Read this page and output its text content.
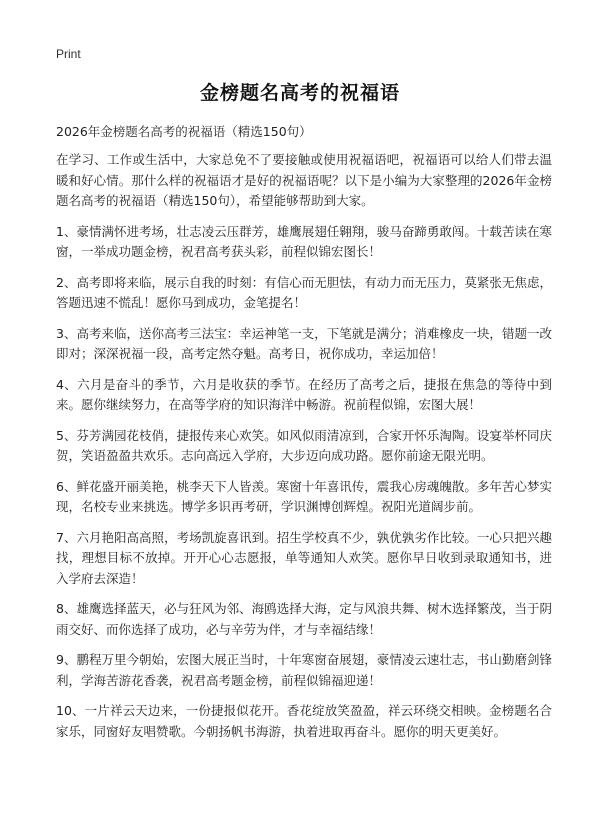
Print
金榜题名高考的祝福语
2026年金榜题名高考的祝福语（精选150句）

在学习、工作或生活中，大家总免不了要接触或使用祝福语吧，祝福语可以给人们带去温暖和好心情。那什么样的祝福语才是好的祝福语呢？以下是小编为大家整理的2026年金榜题名高考的祝福语（精选150句），希望能够帮助到大家。

1、豪情满怀进考场，壮志凌云压群芳，雄鹰展翅任翱翔，骏马奋蹄勇敢闯。十载苦读在寒窗，一举成功题金榜，祝君高考获头彩，前程似锦宏图长！

2、高考即将来临，展示自我的时刻：有信心而无胆怯，有动力而无压力，莫紧张无焦虑，答题迅速不慌乱！愿你马到成功，金笔提名！

3、高考来临，送你高考三法宝：幸运神笔一支，下笔就是满分；消难橡皮一块，错题一改即对；深深祝福一段，高考定然夺魁。高考日，祝你成功，幸运加倍！

4、六月是奋斗的季节，六月是收获的季节。在经历了高考之后，捷报在焦急的等待中到来。愿你继续努力，在高等学府的知识海洋中畅游。祝前程似锦，宏图大展！

5、芬芳满园花枝俏，捷报传来心欢笑。如风似雨清凉到，合家开怀乐淘陶。设宴举杯同庆贺，笑语盈盈共欢乐。志向高远入学府，大步迈向成功路。愿你前途无限光明。

6、鲜花盛开丽美艳，桃李天下人皆羡。寒窗十年喜讯传，震我心房魂魄散。多年苦心梦实现，名校专业来挑选。博学多识再考研，学识渊博创辉煌。祝阳光道阔步前。

7、六月艳阳高高照，考场凯旋喜讯到。招生学校真不少，孰优孰劣作比较。一心只把兴趣找，理想目标不放掉。开开心心志愿报，单等通知人欢笑。愿你早日收到录取通知书，进入学府去深造！

8、雄鹰选择蓝天，必与狂风为邻、海鸥选择大海，定与风浪共舞、树木选择繁茂，当于阴雨交好、而你选择了成功，必与辛劳为伴，才与幸福结缘！

9、鹏程万里今朝始，宏图大展正当时，十年寒窗奋展翅，豪情凌云速壮志，书山勤磨剑锋利，学海苦游花香袭，祝君高考题金榜，前程似锦福迎递！

10、一片祥云天边来，一份捷报似花开。香花绽放笑盈盈，祥云环绕交相映。金榜题名合家乐，同窗好友唱赞歌。今朝扬帆书海游，执着进取再奋斗。愿你的明天更美好。
